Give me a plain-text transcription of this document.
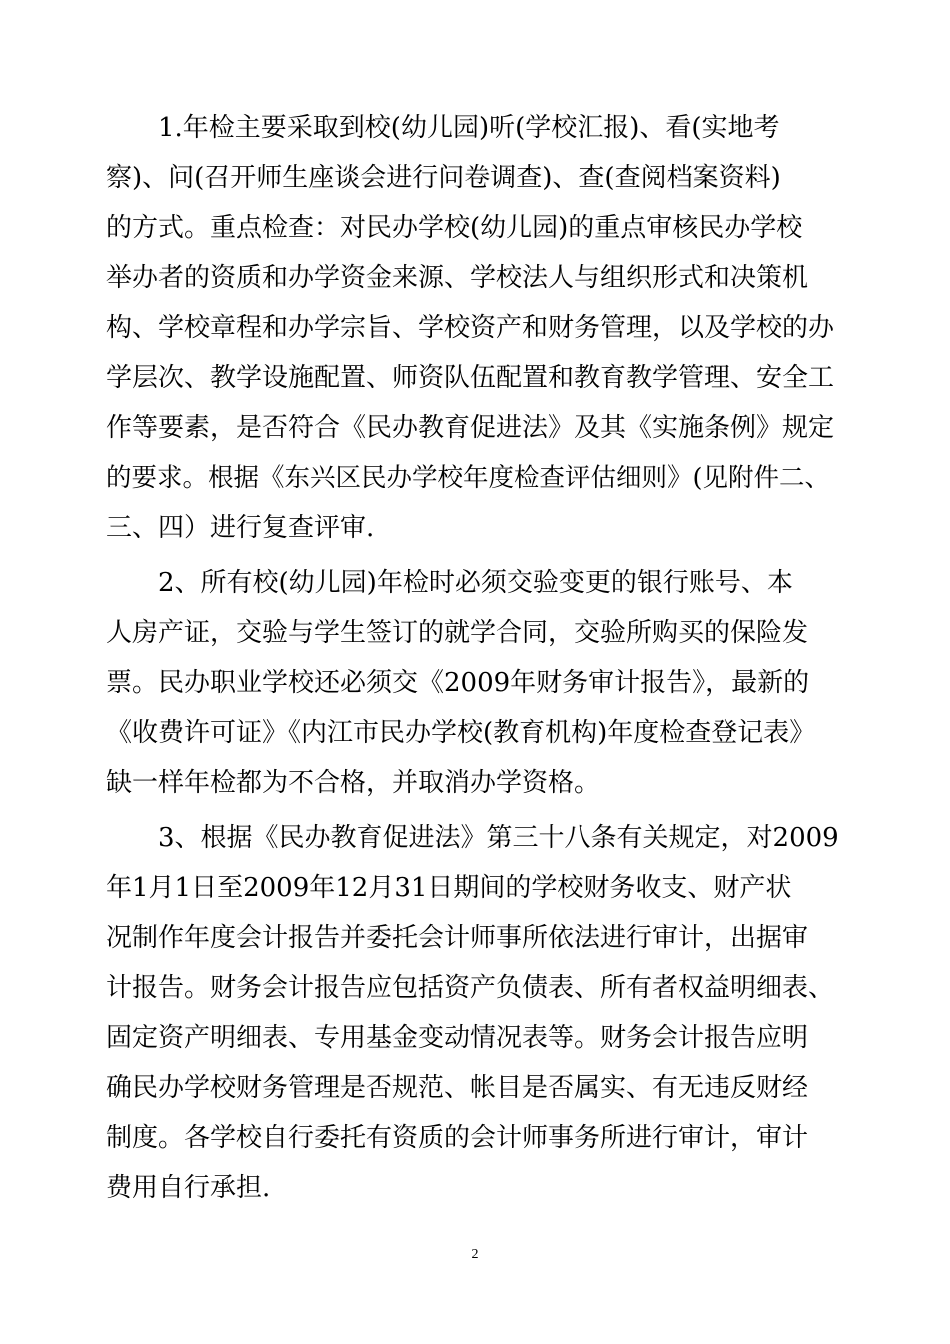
1.年检主要采取到校(幼儿园)听(学校汇报)、看(实地考
察)、问(召开师生座谈会进行问卷调查)、查(查阅档案资料)
的方式。重点检查：对民办学校(幼儿园)的重点审核民办学校
举办者的资质和办学资金来源、学校法人与组织形式和决策机
构、学校章程和办学宗旨、学校资产和财务管理，以及学校的办
学层次、教学设施配置、师资队伍配置和教育教学管理、安全工
作等要素，是否符合《民办教育促进法》及其《实施条例》规定
的要求。根据《东兴区民办学校年度检查评估细则》(见附件二、
三、四）进行复查评审.
2、所有校(幼儿园)年检时必须交验变更的银行账号、本
人房产证，交验与学生签订的就学合同，交验所购买的保险发
票。民办职业学校还必须交《2009年财务审计报告》，最新的
《收费许可证》《内江市民办学校(教育机构)年度检查登记表》
缺一样年检都为不合格，并取消办学资格。
3、根据《民办教育促进法》第三十八条有关规定，对2009
年1月1日至2009年12月31日期间的学校财务收支、财产状
况制作年度会计报告并委托会计师事所依法进行审计，出据审
计报告。财务会计报告应包括资产负债表、所有者权益明细表、
固定资产明细表、专用基金变动情况表等。财务会计报告应明
确民办学校财务管理是否规范、帐目是否属实、有无违反财经
制度。各学校自行委托有资质的会计师事务所进行审计，审计
费用自行承担.
2
